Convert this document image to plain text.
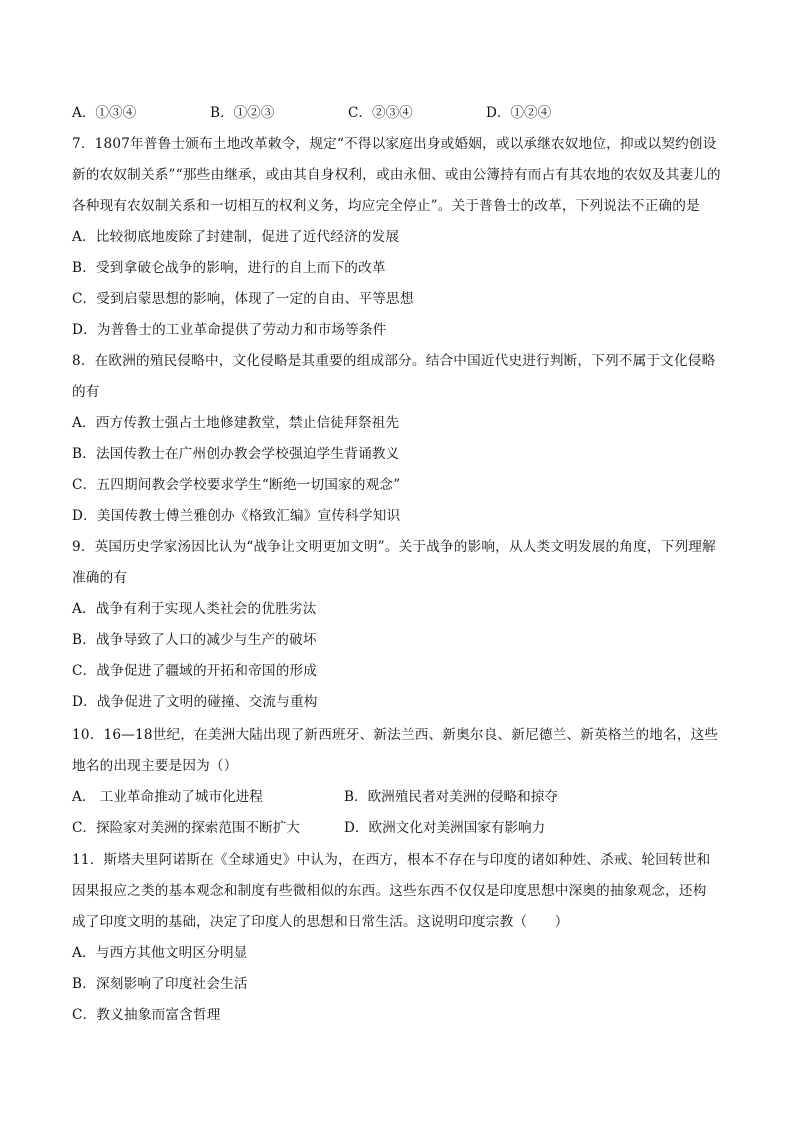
A．①③④	B．①②③	C．②③④	D．①②④
7．1807年普鲁士颁布土地改革敕令，规定“不得以家庭出身或婚姻，或以承继农奴地位，抑或以契约创设
新的农奴制关系”“那些由继承，或由其自身权利，或由永佃、或由公簿持有而占有其农地的农奴及其妻儿的
各种现有农奴制关系和一切相互的权利义务，均应完全停止”。关于普鲁士的改革，下列说法不正确的是
A．比较彻底地废除了封建制，促进了近代经济的发展
B．受到拿破仑战争的影响，进行的自上而下的改革
C．受到启蒙思想的影响，体现了一定的自由、平等思想
D．为普鲁士的工业革命提供了劳动力和市场等条件
8．在欧洲的殖民侵略中，文化侵略是其重要的组成部分。结合中国近代史进行判断，下列不属于文化侵略
的有
A．西方传教士强占土地修建教堂，禁止信徒拜祭祖先
B．法国传教士在广州创办教会学校强迫学生背诵教义
C．五四期间教会学校要求学生“断绝一切国家的观念”
D．美国传教士傅兰雅创办《格致汇编》宣传科学知识
9．英国历史学家汤因比认为“战争让文明更加文明”。关于战争的影响，从人类文明发展的角度，下列理解
准确的有
A．战争有利于实现人类社会的优胜劣汰
B．战争导致了人口的减少与生产的破坏
C．战争促进了疆域的开拓和帝国的形成
D．战争促进了文明的碰撞、交流与重构
10．16—18世纪，在美洲大陆出现了新西班牙、新法兰西、新奥尔良、新尼德兰、新英格兰的地名，这些
地名的出现主要是因为（）
A． 工业革命推动了城市化进程	B．欧洲殖民者对美洲的侵略和掠夺
C．探险家对美洲的探索范围不断扩大	D．欧洲文化对美洲国家有影响力
11．斯塔夫里阿诺斯在《全球通史》中认为，在西方，根本不存在与印度的诸如种姓、杀戒、轮回转世和
因果报应之类的基本观念和制度有些微相似的东西。这些东西不仅仅是印度思想中深奥的抽象观念，还构
成了印度文明的基础，决定了印度人的思想和日常生活。这说明印度宗教（　　）
A．与西方其他文明区分明显
B．深刻影响了印度社会生活
C．教义抽象而富含哲理
